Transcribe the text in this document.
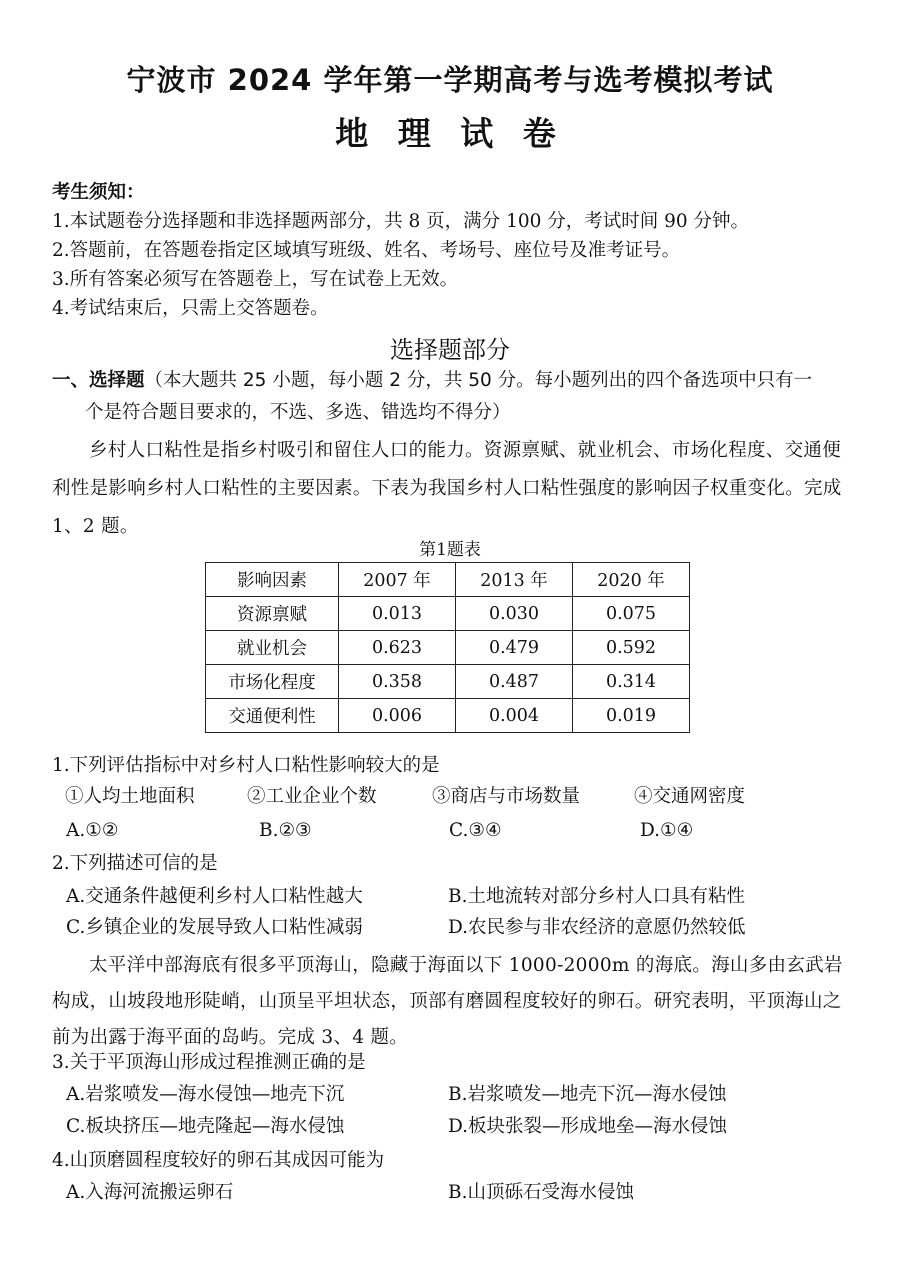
宁波市 2024 学年第一学期高考与选考模拟考试
地 理 试 卷
考生须知：
1.本试题卷分选择题和非选择题两部分，共 8 页，满分 100 分，考试时间 90 分钟。
2.答题前，在答题卷指定区域填写班级、姓名、考场号、座位号及准考证号。
3.所有答案必须写在答题卷上，写在试卷上无效。
4.考试结束后，只需上交答题卷。
选择题部分
一、选择题（本大题共 25 小题，每小题 2 分，共 50 分。每小题列出的四个备选项中只有一
个是符合题目要求的，不选、多选、错选均不得分）
乡村人口粘性是指乡村吸引和留住人口的能力。资源禀赋、就业机会、市场化程度、交通便利性是影响乡村人口粘性的主要因素。下表为我国乡村人口粘性强度的影响因子权重变化。完成 1、2 题。
第1题表
影响因素	2007 年	2013 年	2020 年
资源禀赋	0.013	0.030	0.075
就业机会	0.623	0.479	0.592
市场化程度	0.358	0.487	0.314
交通便利性	0.006	0.004	0.019
1.下列评估指标中对乡村人口粘性影响较大的是
①人均土地面积	②工业企业个数	③商店与市场数量	④交通网密度
A.①②	B.②③	C.③④	D.①④
2.下列描述可信的是
A.交通条件越便利乡村人口粘性越大	B.土地流转对部分乡村人口具有粘性
C.乡镇企业的发展导致人口粘性减弱	D.农民参与非农经济的意愿仍然较低
太平洋中部海底有很多平顶海山，隐藏于海面以下 1000-2000m 的海底。海山多由玄武岩构成，山坡段地形陡峭，山顶呈平坦状态，顶部有磨圆程度较好的卵石。研究表明，平顶海山之前为出露于海平面的岛屿。完成 3、4 题。
3.关于平顶海山形成过程推测正确的是
A.岩浆喷发—海水侵蚀—地壳下沉	B.岩浆喷发—地壳下沉—海水侵蚀
C.板块挤压—地壳隆起—海水侵蚀	D.板块张裂—形成地垒—海水侵蚀
4.山顶磨圆程度较好的卵石其成因可能为
A.入海河流搬运卵石	B.山顶砾石受海水侵蚀
